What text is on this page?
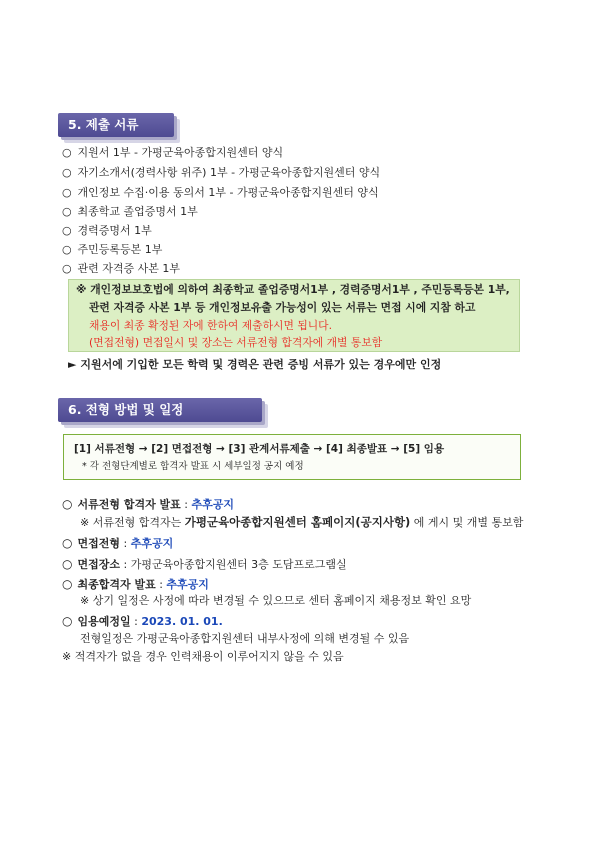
5. 제출 서류
○ 지원서 1부 - 가평군육아종합지원센터 양식
○ 자기소개서(경력사항 위주) 1부 - 가평군육아종합지원센터 양식
○ 개인정보 수집·이용 동의서 1부 - 가평군육아종합지원센터 양식
○ 최종학교 졸업증명서 1부
○ 경력증명서 1부
○ 주민등록등본 1부
○ 관련 자격증 사본 1부
※ 개인정보보호법에 의하여 최종학교 졸업증명서1부 , 경력증명서1부 , 주민등록등본 1부,
관련 자격증 사본 1부 등 개인정보유출 가능성이 있는 서류는 면접 시에 지참 하고
채용이 최종 확정된 자에 한하여 제출하시면 됩니다.
(면접전형) 면접일시 및 장소는 서류전형 합격자에 개별 통보함
► 지원서에 기입한 모든 학력 및 경력은 관련 증빙 서류가 있는 경우에만 인정
6. 전형 방법 및 일정
[1] 서류전형 → [2] 면접전형 → [3] 관계서류제출 → [4] 최종발표 → [5] 임용
* 각 전형단계별로 합격자 발표 시 세부일정 공지 예정
○ 서류전형 합격자 발표 : 추후공지
※ 서류전형 합격자는 가평군육아종합지원센터 홈페이지(공지사항) 에 게시 및 개별 통보함
○ 면접전형 : 추후공지
○ 면접장소 : 가평군육아종합지원센터 3층 도담프로그램실
○ 최종합격자 발표 : 추후공지
※ 상기 일정은 사정에 따라 변경될 수 있으므로 센터 홈페이지 채용정보 확인 요망
○ 임용예정일 : 2023. 01. 01.
전형일정은 가평군육아종합지원센터 내부사정에 의해 변경될 수 있음
※ 적격자가 없을 경우 인력채용이 이루어지지 않을 수 있음
